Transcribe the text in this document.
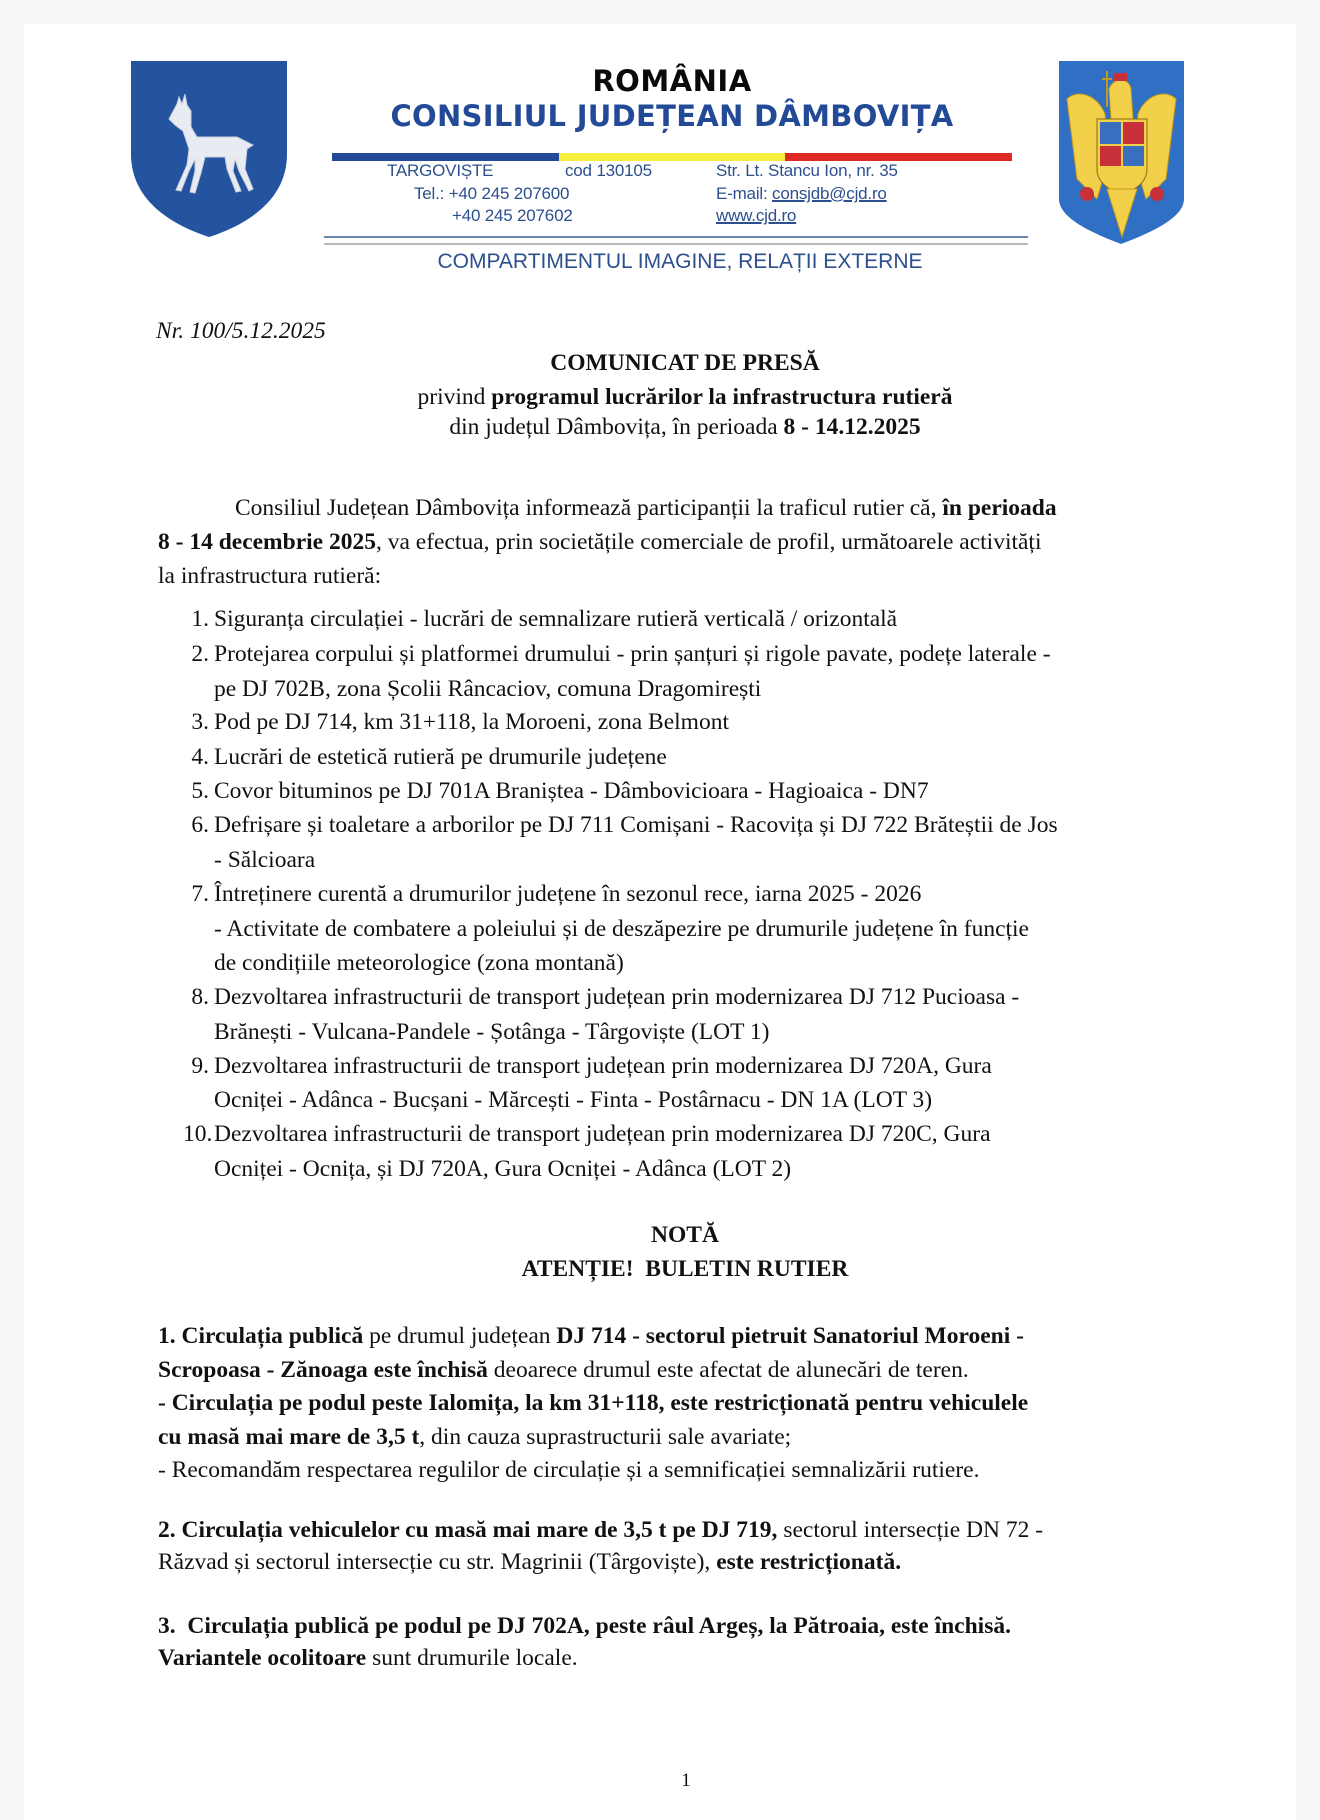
ROMÂNIA
CONSILIUL JUDEȚEAN DÂMBOVIȚA
TARGOVIȘTE	cod 130105	Str. Lt. Stancu Ion, nr. 35
Tel.: +40 245 207600	E-mail: consjdb@cjd.ro
+40 245 207602	www.cjd.ro
COMPARTIMENTUL IMAGINE, RELAȚII EXTERNE
Nr. 100/5.12.2025
COMUNICAT DE PRESĂ
privind programul lucrărilor la infrastructura rutieră
din județul Dâmbovița, în perioada 8 - 14.12.2025
Consiliul Județean Dâmbovița informează participanții la traficul rutier că, în perioada
8 - 14 decembrie 2025, va efectua, prin societățile comerciale de profil, următoarele activități
la infrastructura rutieră:
1. Siguranța circulației - lucrări de semnalizare rutieră verticală / orizontală
2. Protejarea corpului și platformei drumului - prin șanțuri și rigole pavate, podețe laterale -
pe DJ 702B, zona Școlii Râncaciov, comuna Dragomirești
3. Pod pe DJ 714, km 31+118, la Moroeni, zona Belmont
4. Lucrări de estetică rutieră pe drumurile județene
5. Covor bituminos pe DJ 701A Braniștea - Dâmbovicioara - Hagioaica - DN7
6. Defrișare și toaletare a arborilor pe DJ 711 Comișani - Racovița și DJ 722 Brăteștii de Jos
- Sălcioara
7. Întreținere curentă a drumurilor județene în sezonul rece, iarna 2025 - 2026
- Activitate de combatere a poleiului și de deszăpezire pe drumurile județene în funcție
de condițiile meteorologice (zona montană)
8. Dezvoltarea infrastructurii de transport județean prin modernizarea DJ 712 Pucioasa -
Brănești - Vulcana-Pandele - Șotânga - Târgoviște (LOT 1)
9. Dezvoltarea infrastructurii de transport județean prin modernizarea DJ 720A, Gura
Ocniței - Adânca - Bucșani - Mărcești - Finta - Postârnacu - DN 1A (LOT 3)
10. Dezvoltarea infrastructurii de transport județean prin modernizarea DJ 720C, Gura
Ocniței - Ocnița, și DJ 720A, Gura Ocniței - Adânca (LOT 2)
NOTĂ
ATENȚIE!  BULETIN RUTIER
1. Circulația publică pe drumul județean DJ 714 - sectorul pietruit Sanatoriul Moroeni -
Scropoasa - Zănoaga este închisă deoarece drumul este afectat de alunecări de teren.
- Circulația pe podul peste Ialomița, la km 31+118, este restricționată pentru vehiculele
cu masă mai mare de 3,5 t, din cauza suprastructurii sale avariate;
- Recomandăm respectarea regulilor de circulație și a semnificației semnalizării rutiere.
2. Circulația vehiculelor cu masă mai mare de 3,5 t pe DJ 719, sectorul intersecție DN 72 -
Răzvad și sectorul intersecție cu str. Magrinii (Târgoviște), este restricționată.
3.  Circulația publică pe podul pe DJ 702A, peste râul Argeș, la Pătroaia, este închisă.
Variantele ocolitoare sunt drumurile locale.
1
